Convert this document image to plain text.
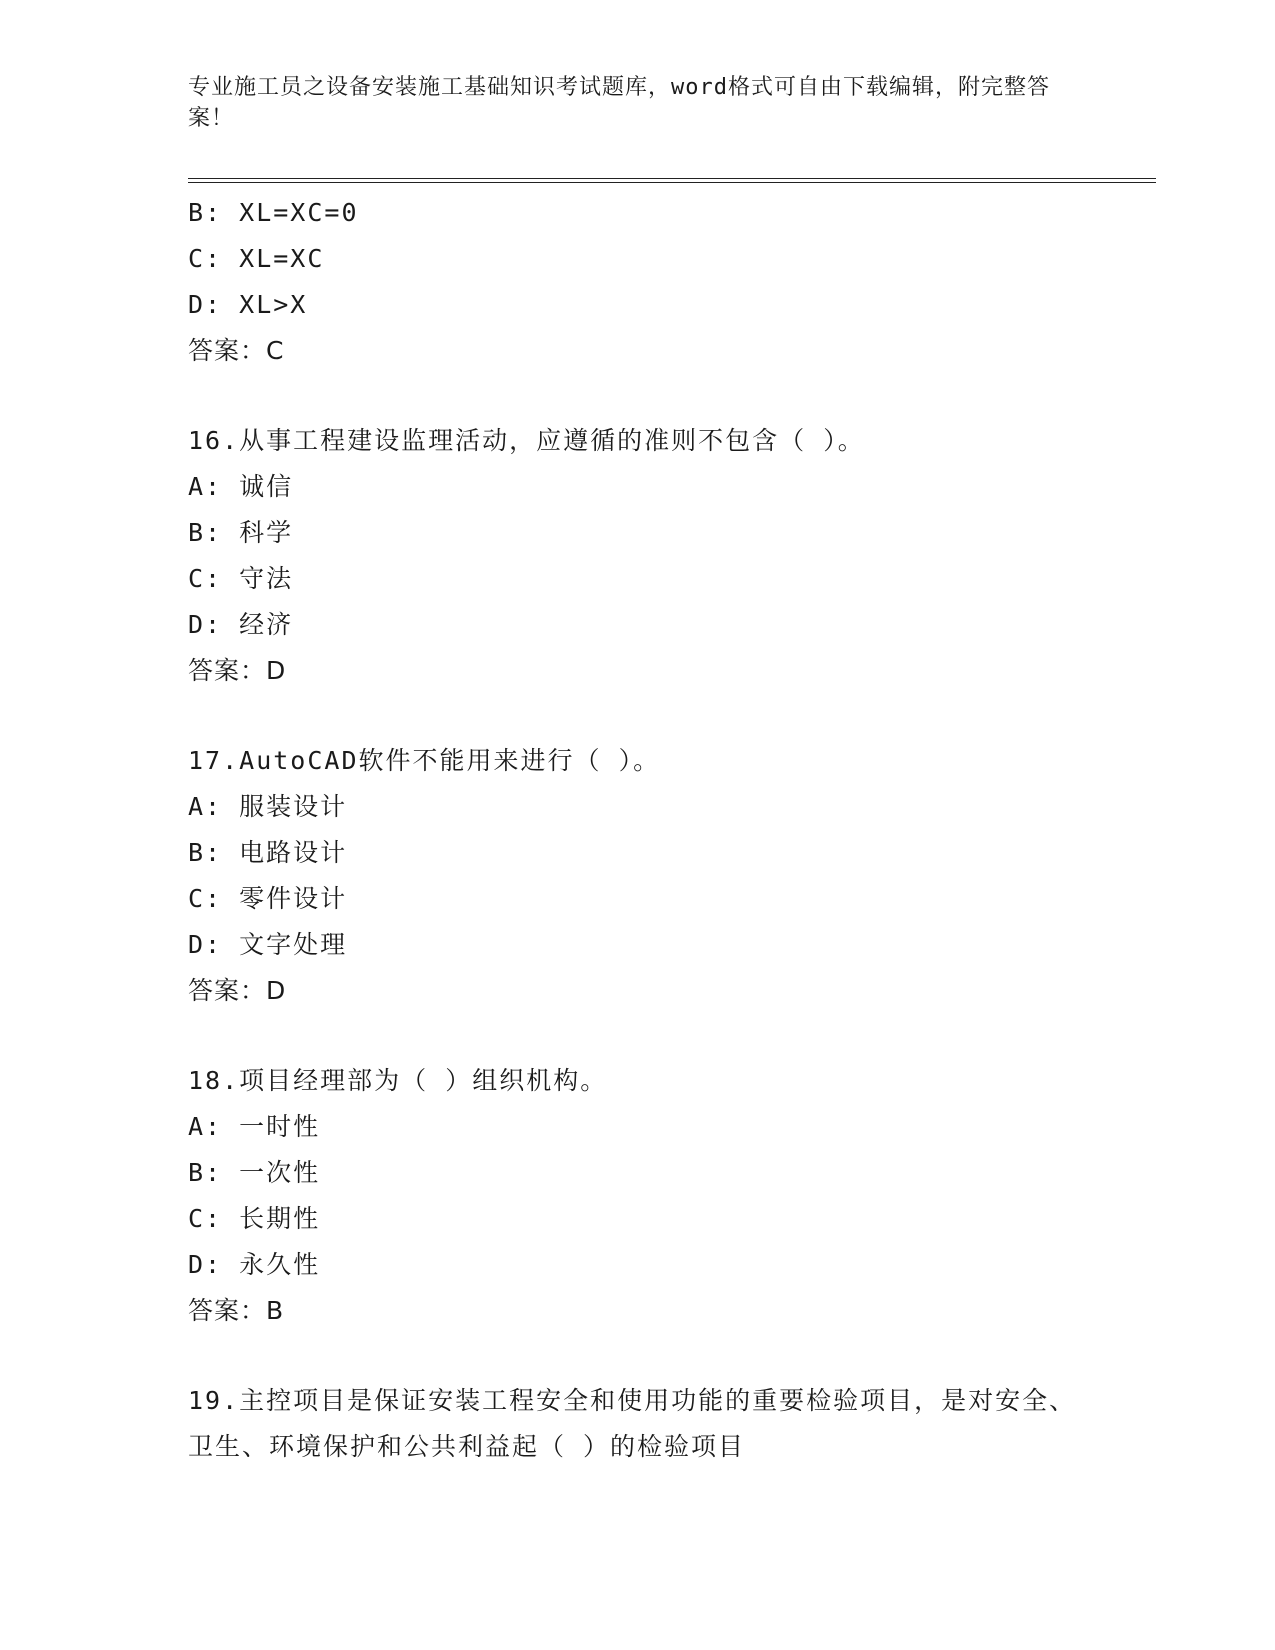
专业施工员之设备安装施工基础知识考试题库，word格式可自由下载编辑，附完整答案！
B: XL=XC=0
C: XL=XC
D: XL>X
答案：C
16.从事工程建设监理活动，应遵循的准则不包含（ ）。
A: 诚信
B: 科学
C: 守法
D: 经济
答案：D
17.AutoCAD软件不能用来进行（ ）。
A: 服装设计
B: 电路设计
C: 零件设计
D: 文字处理
答案：D
18.项目经理部为（ ）组织机构。
A: 一时性
B: 一次性
C: 长期性
D: 永久性
答案：B
19.主控项目是保证安装工程安全和使用功能的重要检验项目，是对安全、卫生、环境保护和公共利益起（ ）的检验项目
